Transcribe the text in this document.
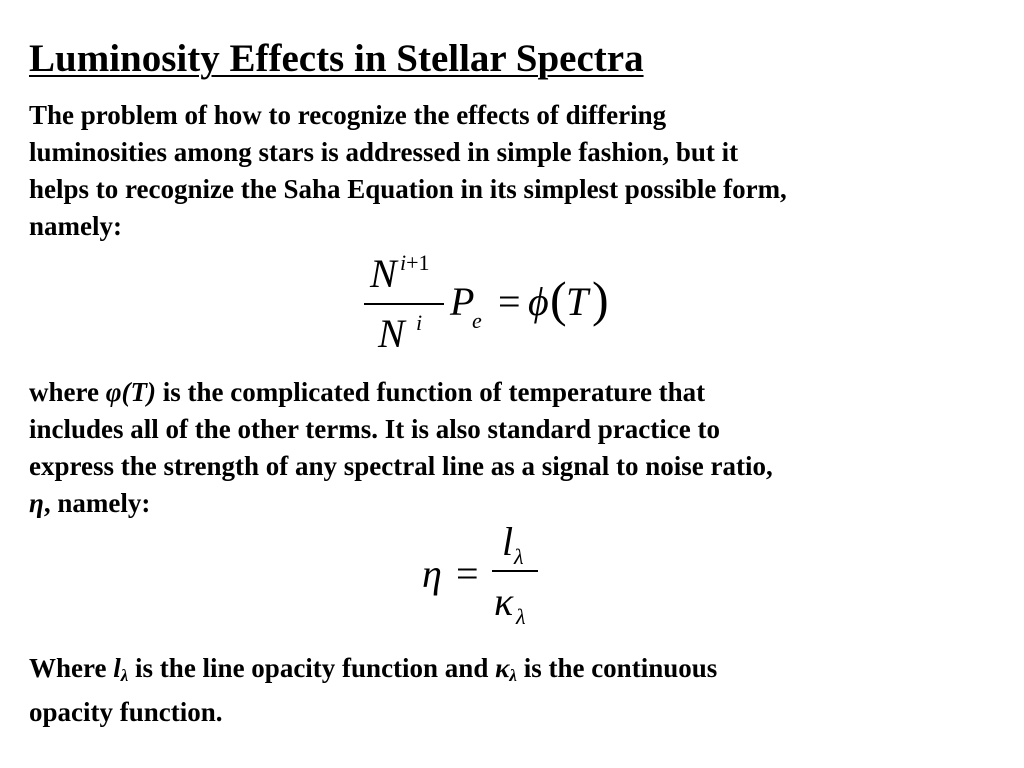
Luminosity Effects in Stellar Spectra

The problem of how to recognize the effects of differing
luminosities among stars is addressed in simple fashion, but it
helps to recognize the Saha Equation in its simplest possible form,
namely:

N i+1
N i P
e = ϕ ( T )

where φ(T) is the complicated function of temperature that
includes all of the other terms. It is also standard practice to
express the strength of any spectral line as a signal to noise ratio,
η, namely:

η =
l λ
κ λ

Where $l_\lambda$ is the line opacity function and $\kappa_\lambda$ is the continuous
opacity function.
